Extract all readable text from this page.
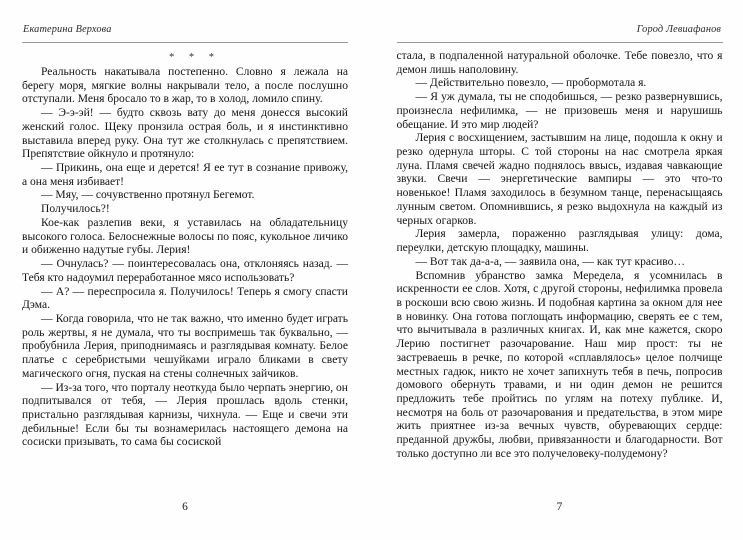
Екатерина Верхова

* * *

Реальность накатывала постепенно. Словно я лежала на берегу моря, мягкие волны накрывали тело, а после послушно отступали. Меня бросало то в жар, то в холод, ломило спину.

— Э-э-эй! — будто сквозь вату до меня донесся высокий женский голос. Щеку пронзила острая боль, и я инстинктивно выставила вперед руку. Она тут же столкнулась с препятствием. Препятствие ойкнуло и протянуло:

— Прикинь, она еще и дерется! Я ее тут в сознание привожу, а она меня избивает!

— Мяу, — сочувственно протянул Бегемот.

Получилось?!

Кое-как разлепив веки, я уставилась на обладательницу высокого голоса. Белоснежные волосы по пояс, кукольное личико и обиженно надутые губы. Лерия!

— Очнулась? — поинтересовалась она, отклоняясь назад. — Тебя кто надоумил переработанное мясо использовать?

— А? — переспросила я. Получилось! Теперь я смогу спасти Дэма.

— Когда говорила, что не так важно, что именно будет играть роль жертвы, я не думала, что ты воспримешь так буквально, — пробубнила Лерия, приподнимаясь и разглядывая комнату. Белое платье с серебристыми чешуйками играло бликами в свету магического огня, пуская на стены солнечных зайчиков.

— Из-за того, что порталу неоткуда было черпать энергию, он подпитывался от тебя, — Лерия прошлась вдоль стенки, пристально разглядывая карнизы, чихнула. — Еще и свечи эти дебильные! Если бы ты вознамерилась настоящего демона на сосиски призывать, то сама бы сосиской

6
Город Левиафанов

стала, в подпаленной натуральной оболочке. Тебе повезло, что я демон лишь наполовину.

— Действительно повезло, — пробормотала я.

— Я уж думала, ты не сподобишься, — резко развернувшись, произнесла нефилимка, — не призовешь меня и нарушишь обещание. И это мир людей?

Лерия с восхищением, застывшим на лице, подошла к окну и резко одернула шторы. С той стороны на нас смотрела яркая луна. Пламя свечей жадно поднялось ввысь, издавая чавкающие звуки. Свечи — энергетические вампиры — это что-то новенькое! Пламя заходилось в безумном танце, перенасыщаясь лунным светом. Опомнившись, я резко выдохнула на каждый из черных огарков.

Лерия замерла, пораженно разглядывая улицу: дома, переулки, детскую площадку, машины.

— Вот так да-а-а, — заявила она, — как тут красиво…

Вспомнив убранство замка Мередела, я усомнилась в искренности ее слов. Хотя, с другой стороны, нефилимка провела в роскоши всю свою жизнь. И подобная картина за окном для нее в новинку. Она готова поглощать информацию, сверять ее с тем, что вычитывала в различных книгах. И, как мне кажется, скоро Лерию постигнет разочарование. Наш мир прост: ты не застреваешь в речке, по которой «сплавлялось» целое полчище местных гадюк, никто не хочет запихнуть тебя в печь, попросив домового обернуть травами, и ни один демон не решится предложить тебе пройтись по углям на потеху публике. И, несмотря на боль от разочарования и предательства, в этом мире жить приятнее из-за вечных чувств, обуревающих сердце: преданной дружбы, любви, привязанности и благодарности. Вот только доступно ли все это получеловеку-полудемону?

7
